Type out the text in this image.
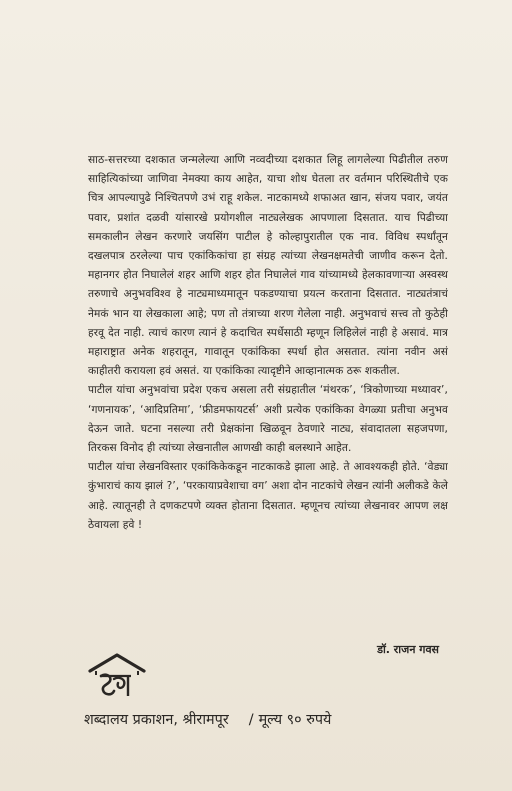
साठ-सत्तरच्या दशकात जन्मलेल्या आणि नव्वदीच्या दशकात लिहू लागलेल्या पिढीतील तरुण साहित्यिकांच्या जाणिवा नेमक्या काय आहेत, याचा शोध घेतला तर वर्तमान परिस्थितीचे एक चित्र आपल्यापुढे निश्चितपणे उभं राहू शकेल. नाटकामध्ये शफाअत खान, संजय पवार, जयंत पवार, प्रशांत दळवी यांसारखे प्रयोगशील नाट्यलेखक आपणाला दिसतात. याच पिढीच्या समकालीन लेखन करणारे जयसिंग पाटील हे कोल्हापुरातील एक नाव. विविध स्पर्धांतून दखलपात्र ठरलेल्या पाच एकांकिकांचा हा संग्रह त्यांच्या लेखनक्षमतेची जाणीव करून देतो. महानगर होत निघालेलं शहर आणि शहर होत निघालेलं गाव यांच्यामध्ये हेलकावणाऱ्या अस्वस्थ तरुणाचे अनुभवविश्व हे नाट्यमाध्यमातून पकडण्याचा प्रयत्न करताना दिसतात. नाट्यतंत्राचं नेमकं भान या लेखकाला आहे; पण तो तंत्राच्या शरण गेलेला नाही. अनुभवाचं सत्त्व तो कुठेही हरवू देत नाही. त्याचं कारण त्यानं हे कदाचित स्पर्धेसाठी म्हणून लिहिलेलं नाही हे असावं. मात्र महाराष्ट्रात अनेक शहरातून, गावातून एकांकिका स्पर्धा होत असतात. त्यांना नवीन असं काहीतरी करायला हवं असतं. या एकांकिका त्यादृष्टीने आव्हानात्मक ठरू शकतील.

पाटील यांचा अनुभवांचा प्रदेश एकच असला तरी संग्रहातील ‘मंथरक’, ‘त्रिकोणाच्या मध्यावर’, ‘गणनायक’, ‘आदिप्रतिमा’, ‘फ्रीडमफायटर्स’ अशी प्रत्येक एकांकिका वेगळ्या प्रतीचा अनुभव देऊन जाते. घटना नसल्या तरी प्रेक्षकांना खिळवून ठेवणारे नाट्य, संवादातला सहजपणा, तिरकस विनोद ही त्यांच्या लेखनातील आणखी काही बलस्थाने आहेत.

पाटील यांचा लेखनविस्तार एकांकिकेकडून नाटकाकडे झाला आहे. ते आवश्यकही होते. ‘वेड्या कुंभाराचं काय झालं ?’, ‘परकायाप्रवेशाचा वग’ अशा दोन नाटकांचे लेखन त्यांनी अलीकडे केले आहे. त्यातूनही ते दणकटपणे व्यक्त होताना दिसतात. म्हणूनच त्यांच्या लेखनावर आपण लक्ष ठेवायला हवे !

डॉ. राजन गवस
शब्दालय प्रकाशन, श्रीरामपूर / मूल्य ९० रुपये
